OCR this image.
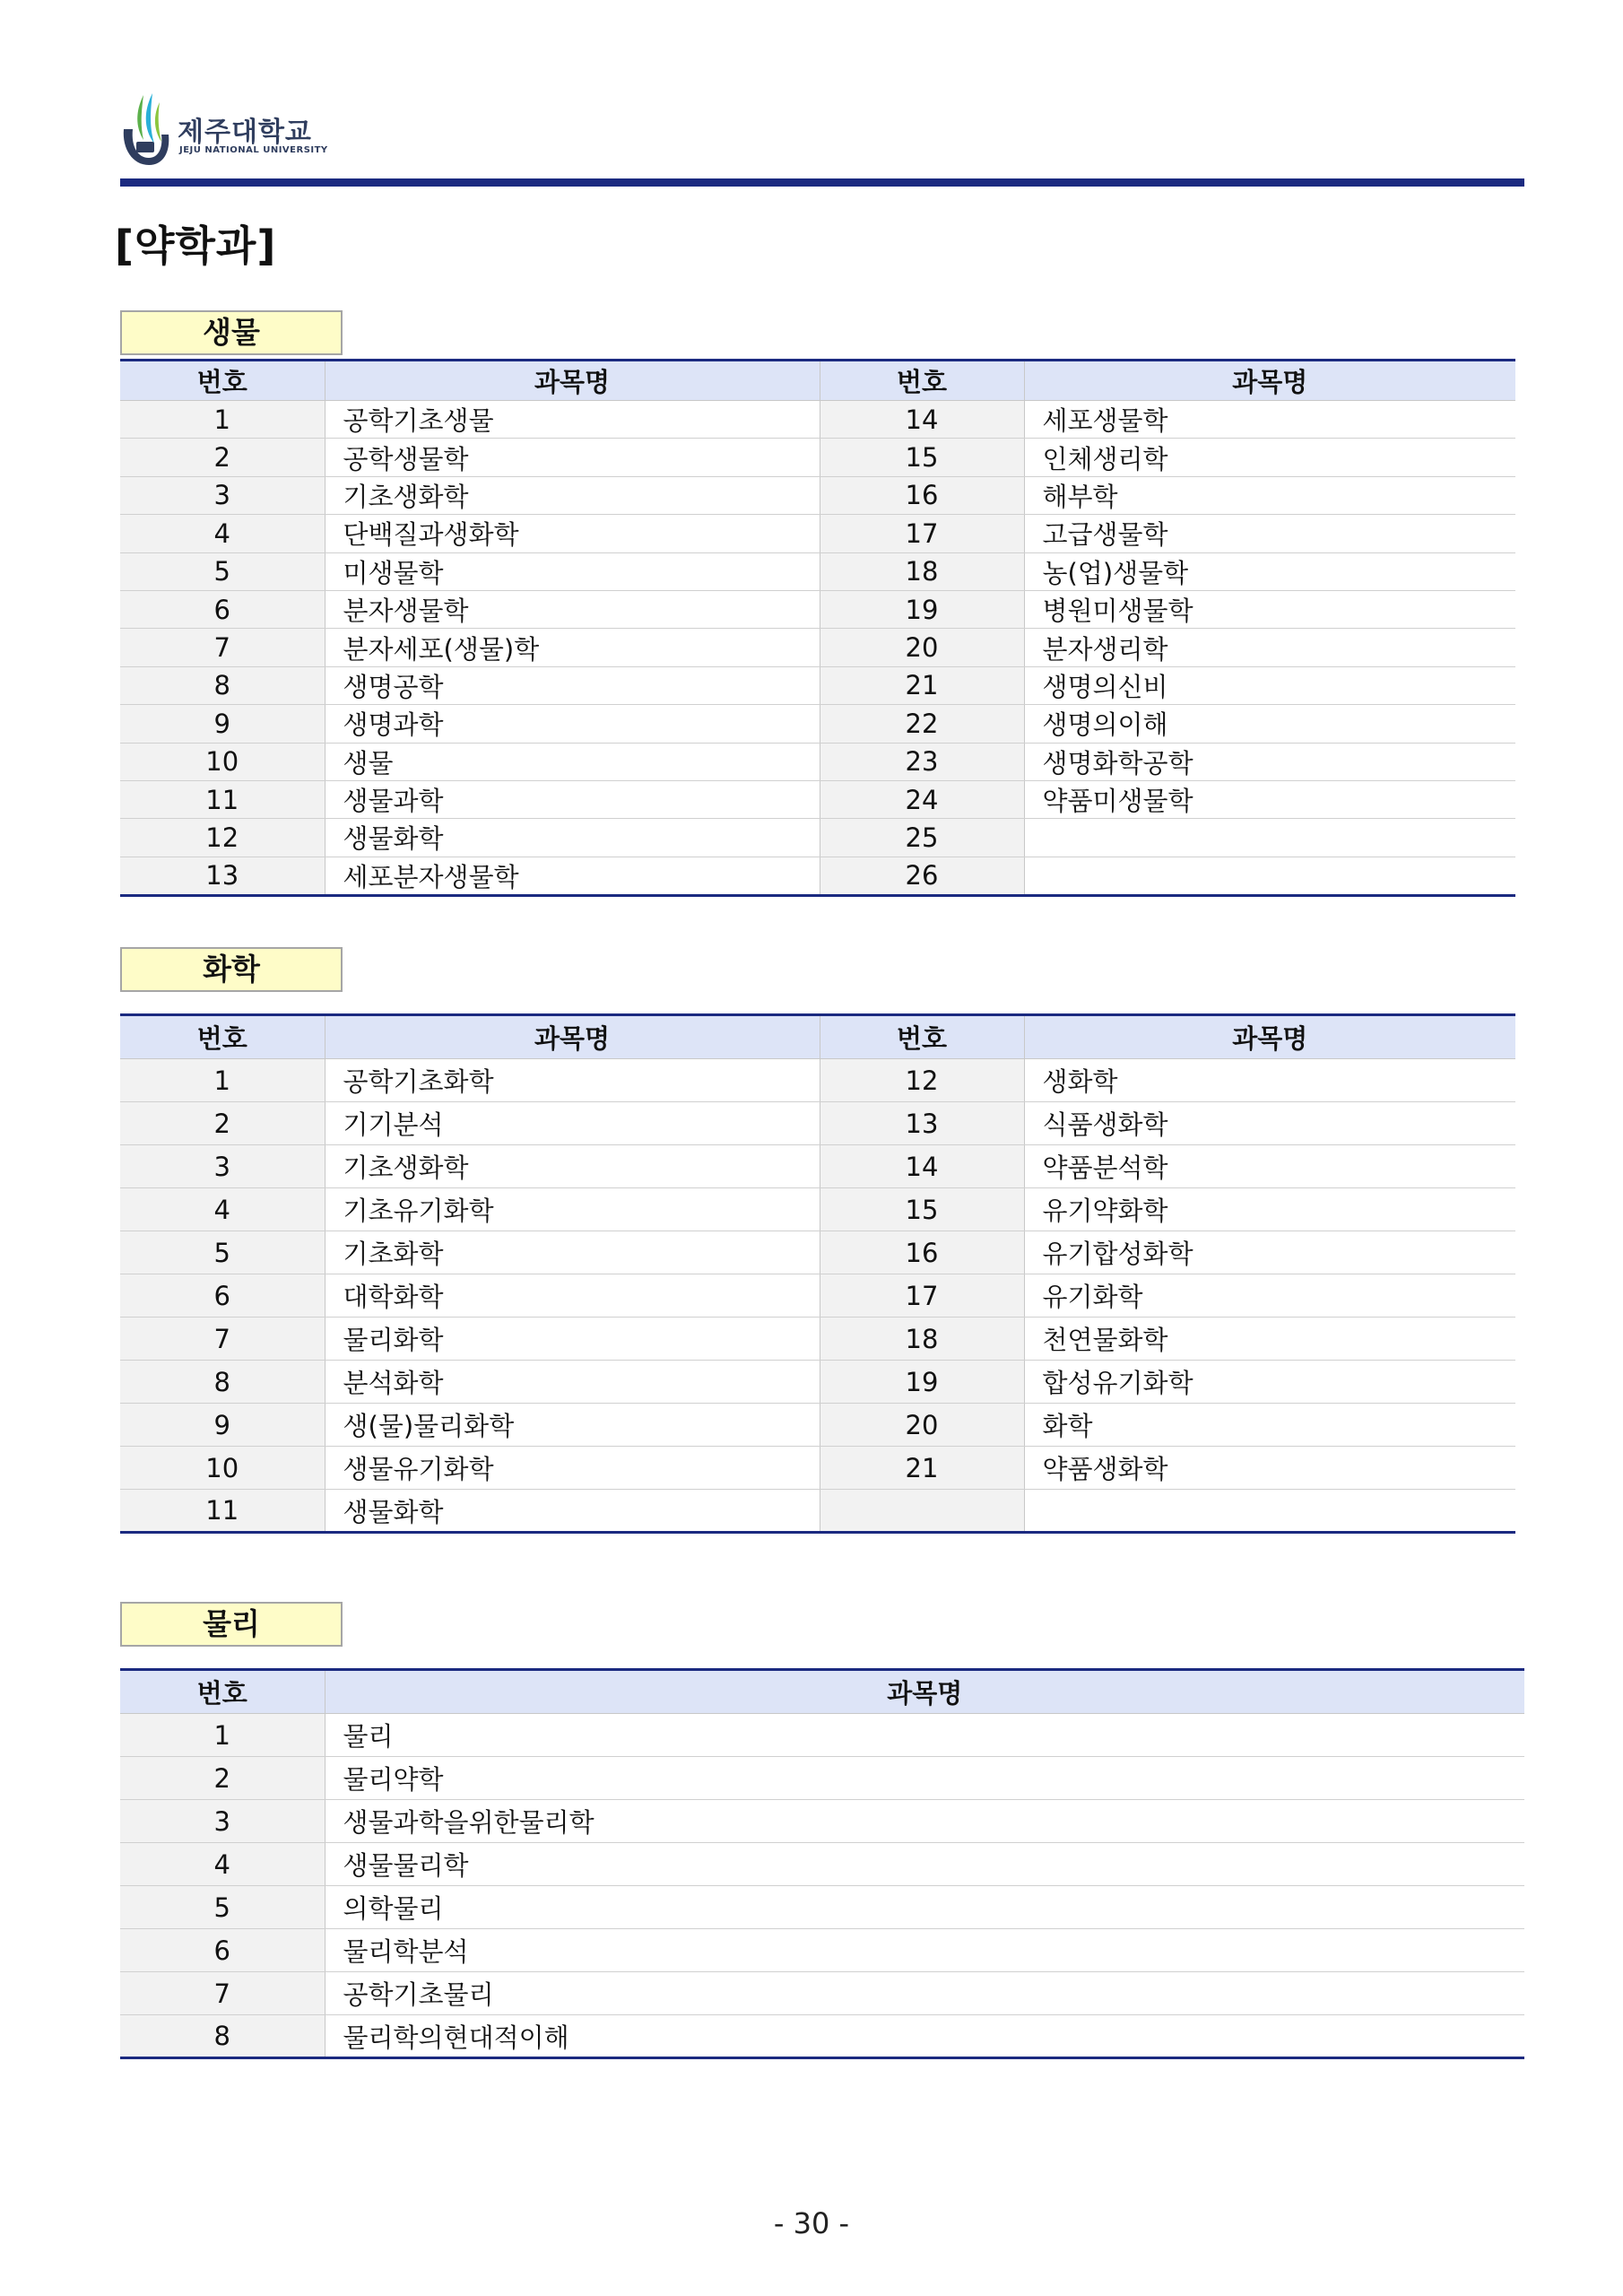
제주대학교
JEJU NATIONAL UNIVERSITY
[약학과]
생물
번호	과목명	번호	과목명
1	공학기초생물	14	세포생물학
2	공학생물학	15	인체생리학
3	기초생화학	16	해부학
4	단백질과생화학	17	고급생물학
5	미생물학	18	농(업)생물학
6	분자생물학	19	병원미생물학
7	분자세포(생물)학	20	분자생리학
8	생명공학	21	생명의신비
9	생명과학	22	생명의이해
10	생물	23	생명화학공학
11	생물과학	24	약품미생물학
12	생물화학	25	
13	세포분자생물학	26	
화학
번호	과목명	번호	과목명
1	공학기초화학	12	생화학
2	기기분석	13	식품생화학
3	기초생화학	14	약품분석학
4	기초유기화학	15	유기약화학
5	기초화학	16	유기합성화학
6	대학화학	17	유기화학
7	물리화학	18	천연물화학
8	분석화학	19	합성유기화학
9	생(물)물리화학	20	화학
10	생물유기화학	21	약품생화학
11	생물화학		
물리
번호	과목명
1	물리
2	물리약학
3	생물과학을위한물리학
4	생물물리학
5	의학물리
6	물리학분석
7	공학기초물리
8	물리학의현대적이해
- 30 -
